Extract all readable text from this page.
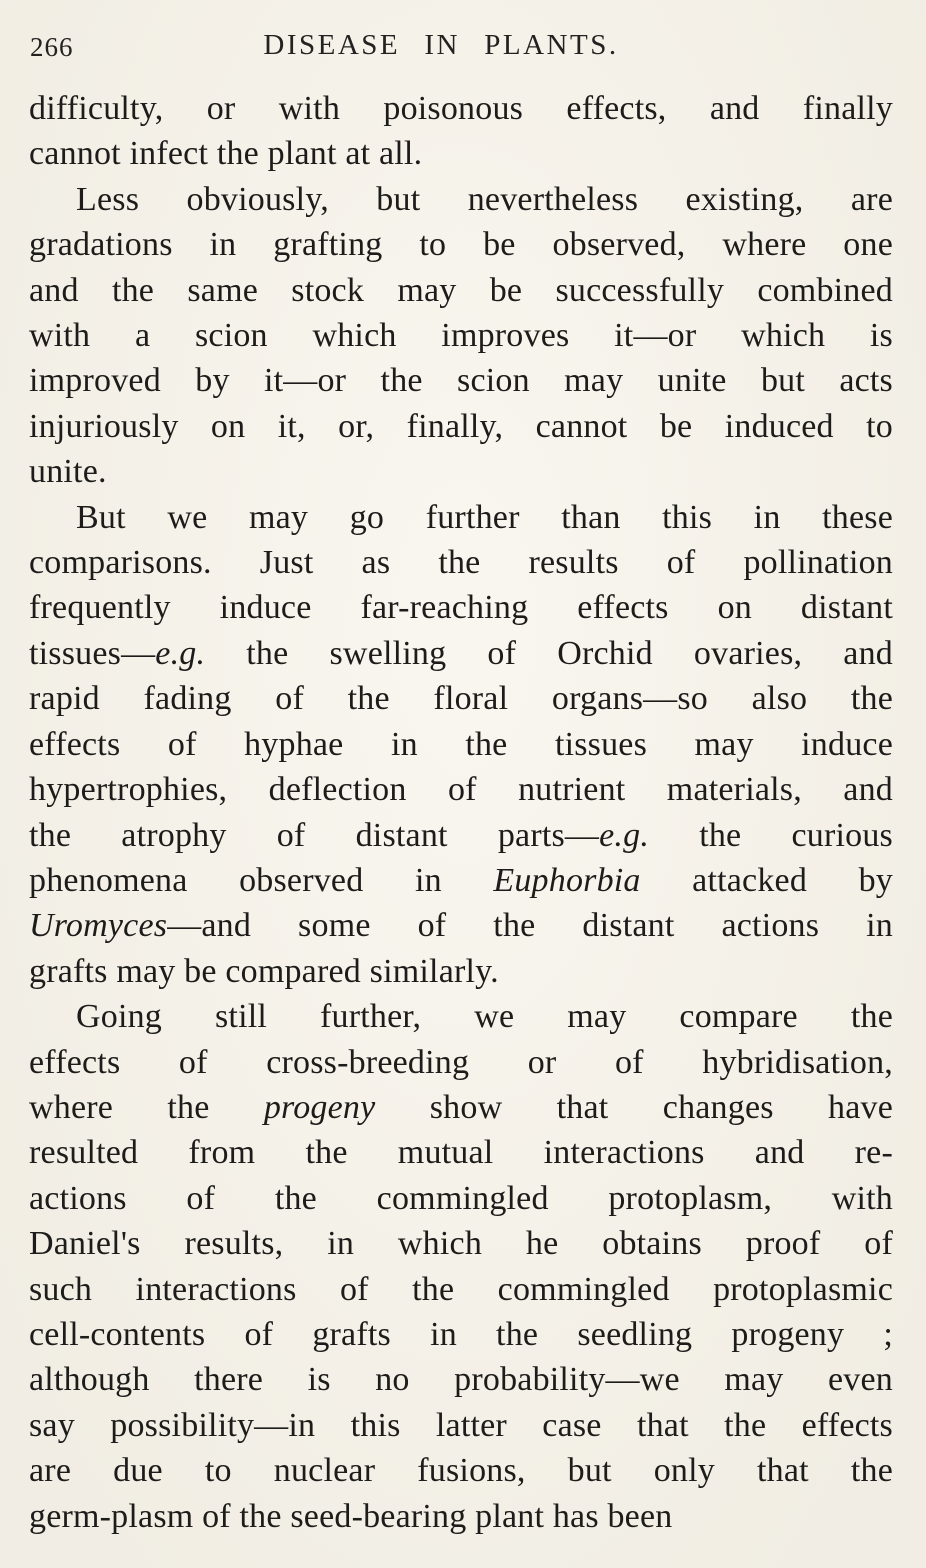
266	DISEASE IN PLANTS.
difficulty, or with poisonous effects, and finally
cannot infect the plant at all.
Less obviously, but nevertheless existing, are
gradations in grafting to be observed, where one
and the same stock may be successfully combined
with a scion which improves it—or which is
improved by it—or the scion may unite but acts
injuriously on it, or, finally, cannot be induced to
unite.
But we may go further than this in these
comparisons. Just as the results of pollination
frequently induce far-reaching effects on distant
tissues—e.g. the swelling of Orchid ovaries, and
rapid fading of the floral organs—so also the
effects of hyphae in the tissues may induce
hypertrophies, deflection of nutrient materials, and
the atrophy of distant parts—e.g. the curious
phenomena observed in Euphorbia attacked by
Uromyces—and some of the distant actions in
grafts may be compared similarly.
Going still further, we may compare the
effects of cross-breeding or of hybridisation,
where the progeny show that changes have
resulted from the mutual interactions and re-
actions of the commingled protoplasm, with
Daniel's results, in which he obtains proof of
such interactions of the commingled protoplasmic
cell-contents of grafts in the seedling progeny ;
although there is no probability—we may even
say possibility—in this latter case that the effects
are due to nuclear fusions, but only that the
germ-plasm of the seed-bearing plant has been
